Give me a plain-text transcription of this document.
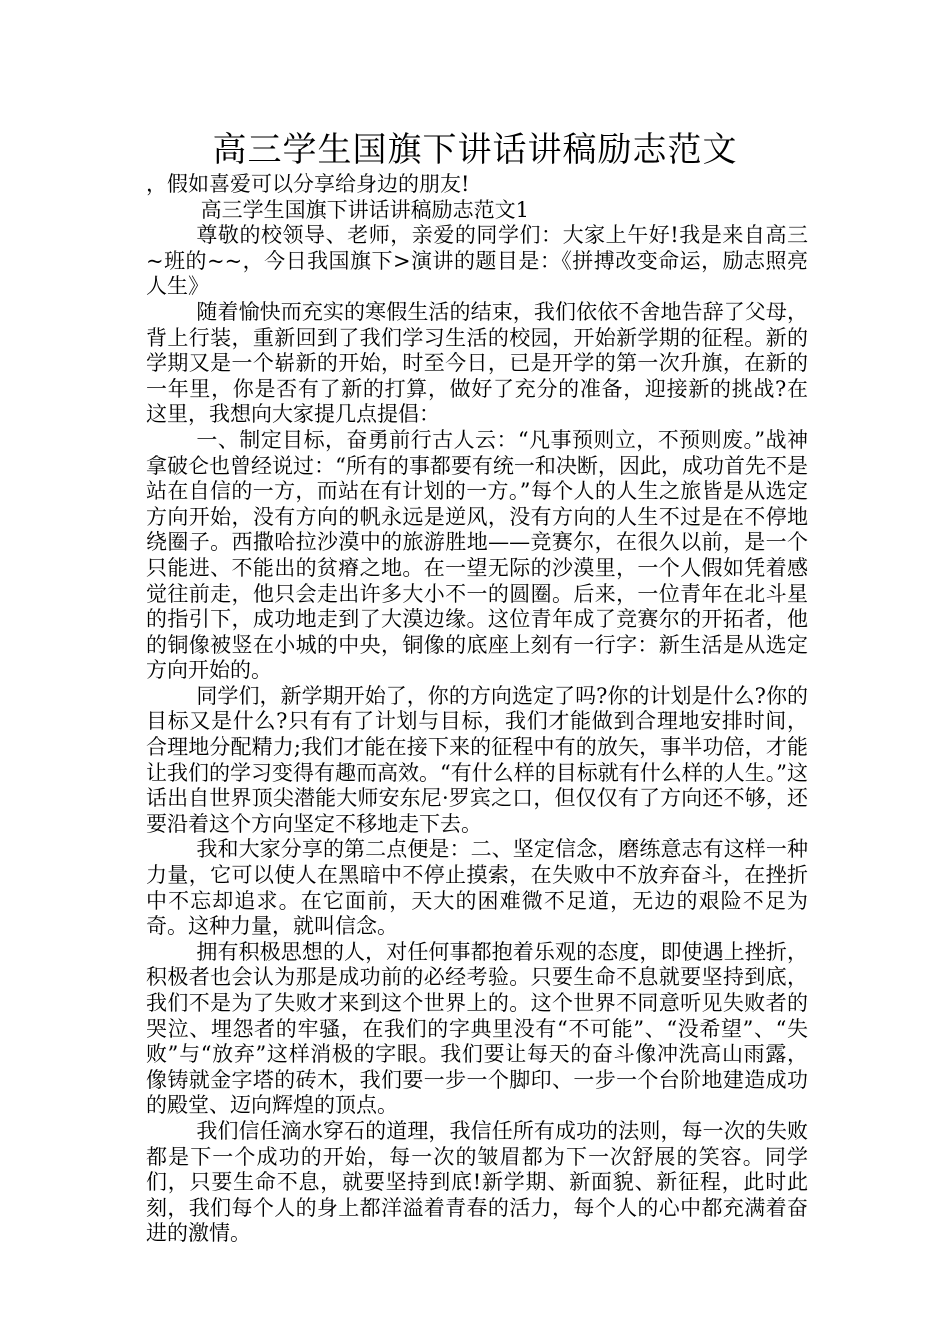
高三学生国旗下讲话讲稿励志范文

，假如喜爱可以分享给身边的朋友!

高三学生国旗下讲话讲稿励志范文1

尊敬的校领导、老师，亲爱的同学们：大家上午好!我是来自高三~班的~~，今日我国旗下>演讲的题目是：《拼搏改变命运，励志照亮人生》

随着愉快而充实的寒假生活的结束，我们依依不舍地告辞了父母，背上行装，重新回到了我们学习生活的校园，开始新学期的征程。新的学期又是一个崭新的开始，时至今日，已是开学的第一次升旗，在新的一年里，你是否有了新的打算，做好了充分的准备，迎接新的挑战?在这里，我想向大家提几点提倡：

一、制定目标，奋勇前行古人云：“凡事预则立，不预则废。”战神拿破仑也曾经说过：“所有的事都要有统一和决断，因此，成功首先不是站在自信的一方，而站在有计划的一方。”每个人的人生之旅皆是从选定方向开始，没有方向的帆永远是逆风，没有方向的人生不过是在不停地绕圈子。西撒哈拉沙漠中的旅游胜地——竞赛尔，在很久以前，是一个只能进、不能出的贫瘠之地。在一望无际的沙漠里，一个人假如凭着感觉往前走，他只会走出许多大小不一的圆圈。后来，一位青年在北斗星的指引下，成功地走到了大漠边缘。这位青年成了竞赛尔的开拓者，他的铜像被竖在小城的中央，铜像的底座上刻有一行字：新生活是从选定方向开始的。

同学们，新学期开始了，你的方向选定了吗?你的计划是什么?你的目标又是什么?只有有了计划与目标，我们才能做到合理地安排时间，合理地分配精力;我们才能在接下来的征程中有的放矢，事半功倍，才能让我们的学习变得有趣而高效。“有什么样的目标就有什么样的人生。”这话出自世界顶尖潜能大师安东尼·罗宾之口，但仅仅有了方向还不够，还要沿着这个方向坚定不移地走下去。

我和大家分享的第二点便是：二、坚定信念，磨练意志有这样一种力量，它可以使人在黑暗中不停止摸索，在失败中不放弃奋斗，在挫折中不忘却追求。在它面前，天大的困难微不足道，无边的艰险不足为奇。这种力量，就叫信念。

拥有积极思想的人，对任何事都抱着乐观的态度，即使遇上挫折，积极者也会认为那是成功前的必经考验。只要生命不息就要坚持到底，我们不是为了失败才来到这个世界上的。这个世界不同意听见失败者的哭泣、埋怨者的牢骚，在我们的字典里没有“不可能”、“没希望”、“失败”与“放弃”这样消极的字眼。我们要让每天的奋斗像冲洗高山雨露，像铸就金字塔的砖木，我们要一步一个脚印、一步一个台阶地建造成功的殿堂、迈向辉煌的顶点。

我们信任滴水穿石的道理，我信任所有成功的法则，每一次的失败都是下一个成功的开始，每一次的皱眉都为下一次舒展的笑容。同学们，只要生命不息，就要坚持到底!新学期、新面貌、新征程，此时此刻，我们每个人的身上都洋溢着青春的活力，每个人的心中都充满着奋进的激情。
